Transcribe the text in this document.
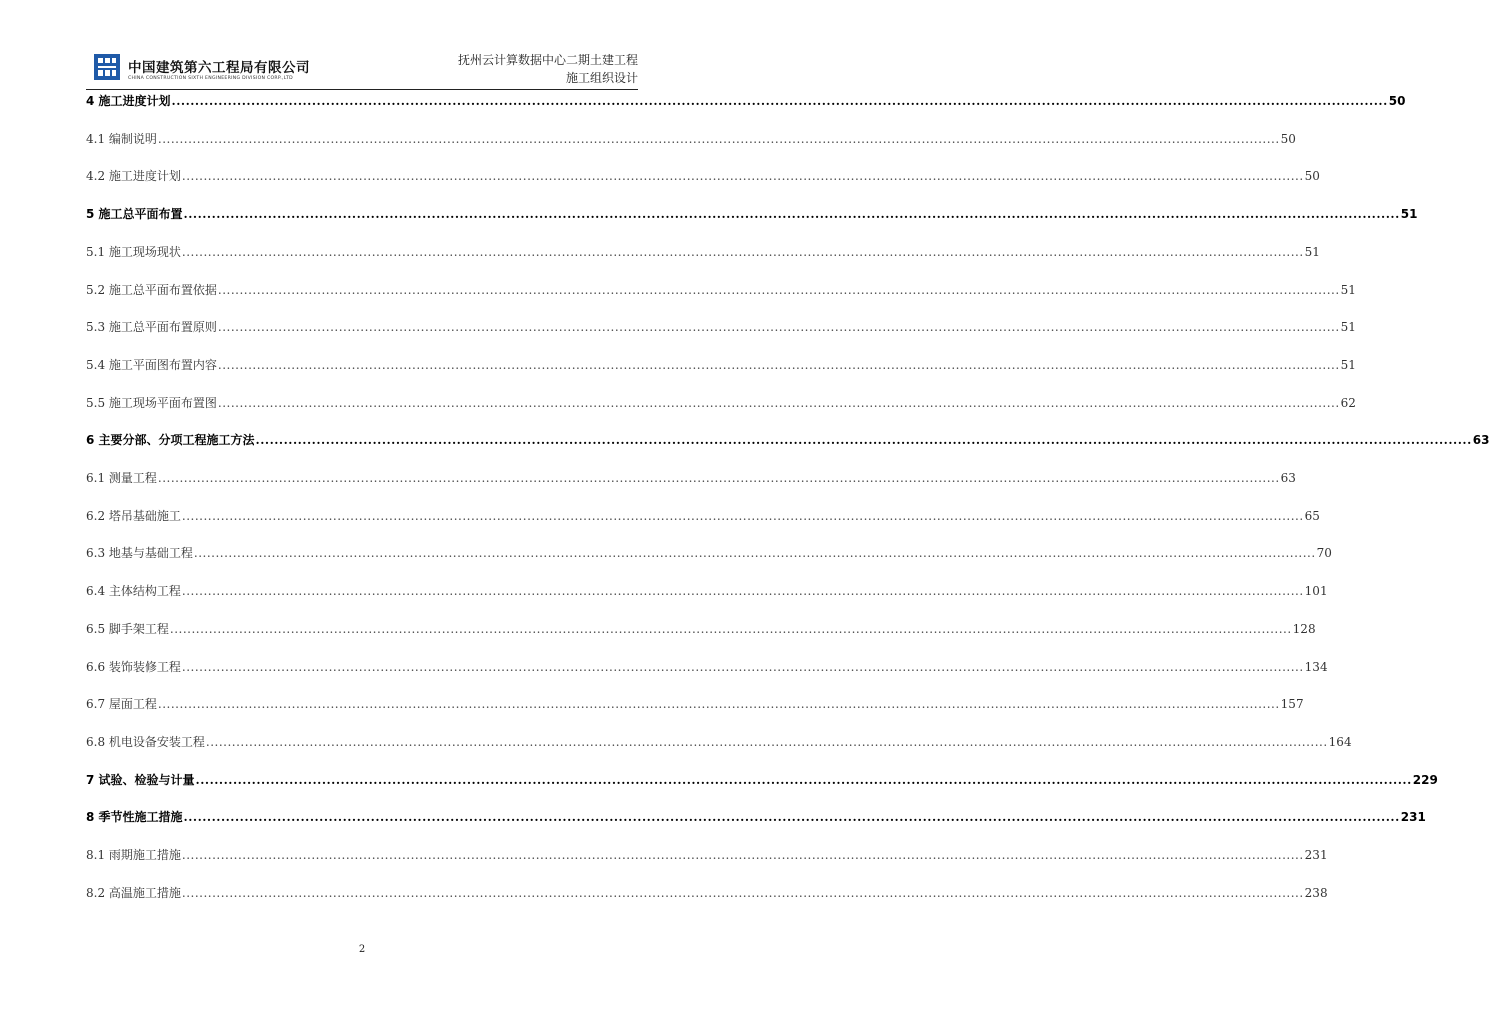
中国建筑第六工程局有限公司
CHINA CONSTRUCTION SIXTH ENGINEERING DIVISION CORP.,LTD
抚州云计算数据中心二期土建工程
施工组织设计
4 施工进度计划 .................................................................................................................................................................................................................................................................... 50
4.1 编制说明 .................................................................................................................................................................................................................................................................... 50
4.2 施工进度计划 .................................................................................................................................................................................................................................................................... 50
5 施工总平面布置 .................................................................................................................................................................................................................................................................... 51
5.1 施工现场现状 .................................................................................................................................................................................................................................................................... 51
5.2 施工总平面布置依据 .................................................................................................................................................................................................................................................................... 51
5.3 施工总平面布置原则 .................................................................................................................................................................................................................................................................... 51
5.4 施工平面图布置内容 .................................................................................................................................................................................................................................................................... 51
5.5 施工现场平面布置图 .................................................................................................................................................................................................................................................................... 62
6 主要分部、分项工程施工方法 .................................................................................................................................................................................................................................................................... 63
6.1 测量工程 .................................................................................................................................................................................................................................................................... 63
6.2 塔吊基础施工 .................................................................................................................................................................................................................................................................... 65
6.3 地基与基础工程 .................................................................................................................................................................................................................................................................... 70
6.4 主体结构工程 .................................................................................................................................................................................................................................................................... 101
6.5 脚手架工程 .................................................................................................................................................................................................................................................................... 128
6.6 装饰装修工程 .................................................................................................................................................................................................................................................................... 134
6.7 屋面工程 .................................................................................................................................................................................................................................................................... 157
6.8 机电设备安装工程 .................................................................................................................................................................................................................................................................... 164
7 试验、检验与计量 .................................................................................................................................................................................................................................................................... 229
8 季节性施工措施 .................................................................................................................................................................................................................................................................... 231
8.1 雨期施工措施 .................................................................................................................................................................................................................................................................... 231
8.2 高温施工措施 .................................................................................................................................................................................................................................................................... 238
2
